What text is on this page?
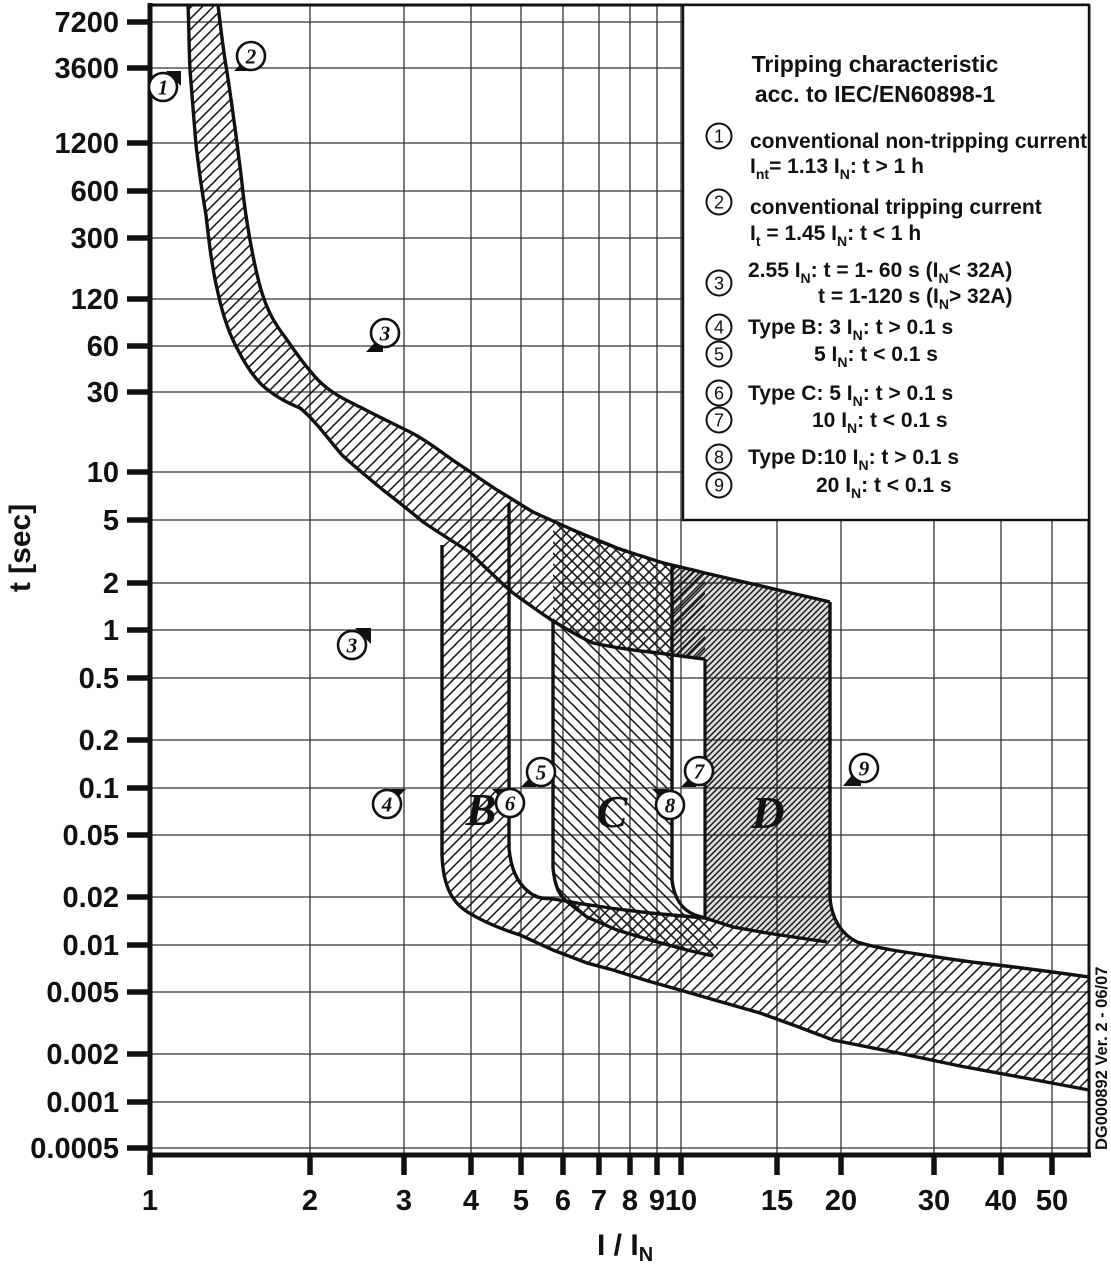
7200
3600
1200
600
300
120
60
30
10
5
2
1
0.5
0.2
0.1
0.05
0.02
0.01
0.005
0.002
0.001
0.0005
1	2	3 4 5 6 7 8 9 10 15 20 30 40 50
t [sec]
I / $I_N$
B C	D
1
2
3
3
4
5
6
7
8
9
Tripping characteristic
acc. to IEC/EN60898-1
1 conventional non-tripping current
$I_{nt}= 1.13$ $I_N$: t > 1 h
2 conventional tripping current
$I_t = 1.45$ $I_N$: t < 1 h
3
2.55 $I_N$: t = 1- 60 s $(I_N< 32A)$
t = 1-120 s $(I_N> 32A)$
4 Type B: 3 $I_N$: t > 0.1 s
5	5 $I_N$: t < 0.1 s
6 Type C: 5 $I_N$: t > 0.1 s
7	10 $I_N$: t < 0.1 s
8 Type D:10 $I_N$: t > 0.1 s
9	20 $I_N$: t < 0.1 s
DG000892 Ver. 2 - 06/07
